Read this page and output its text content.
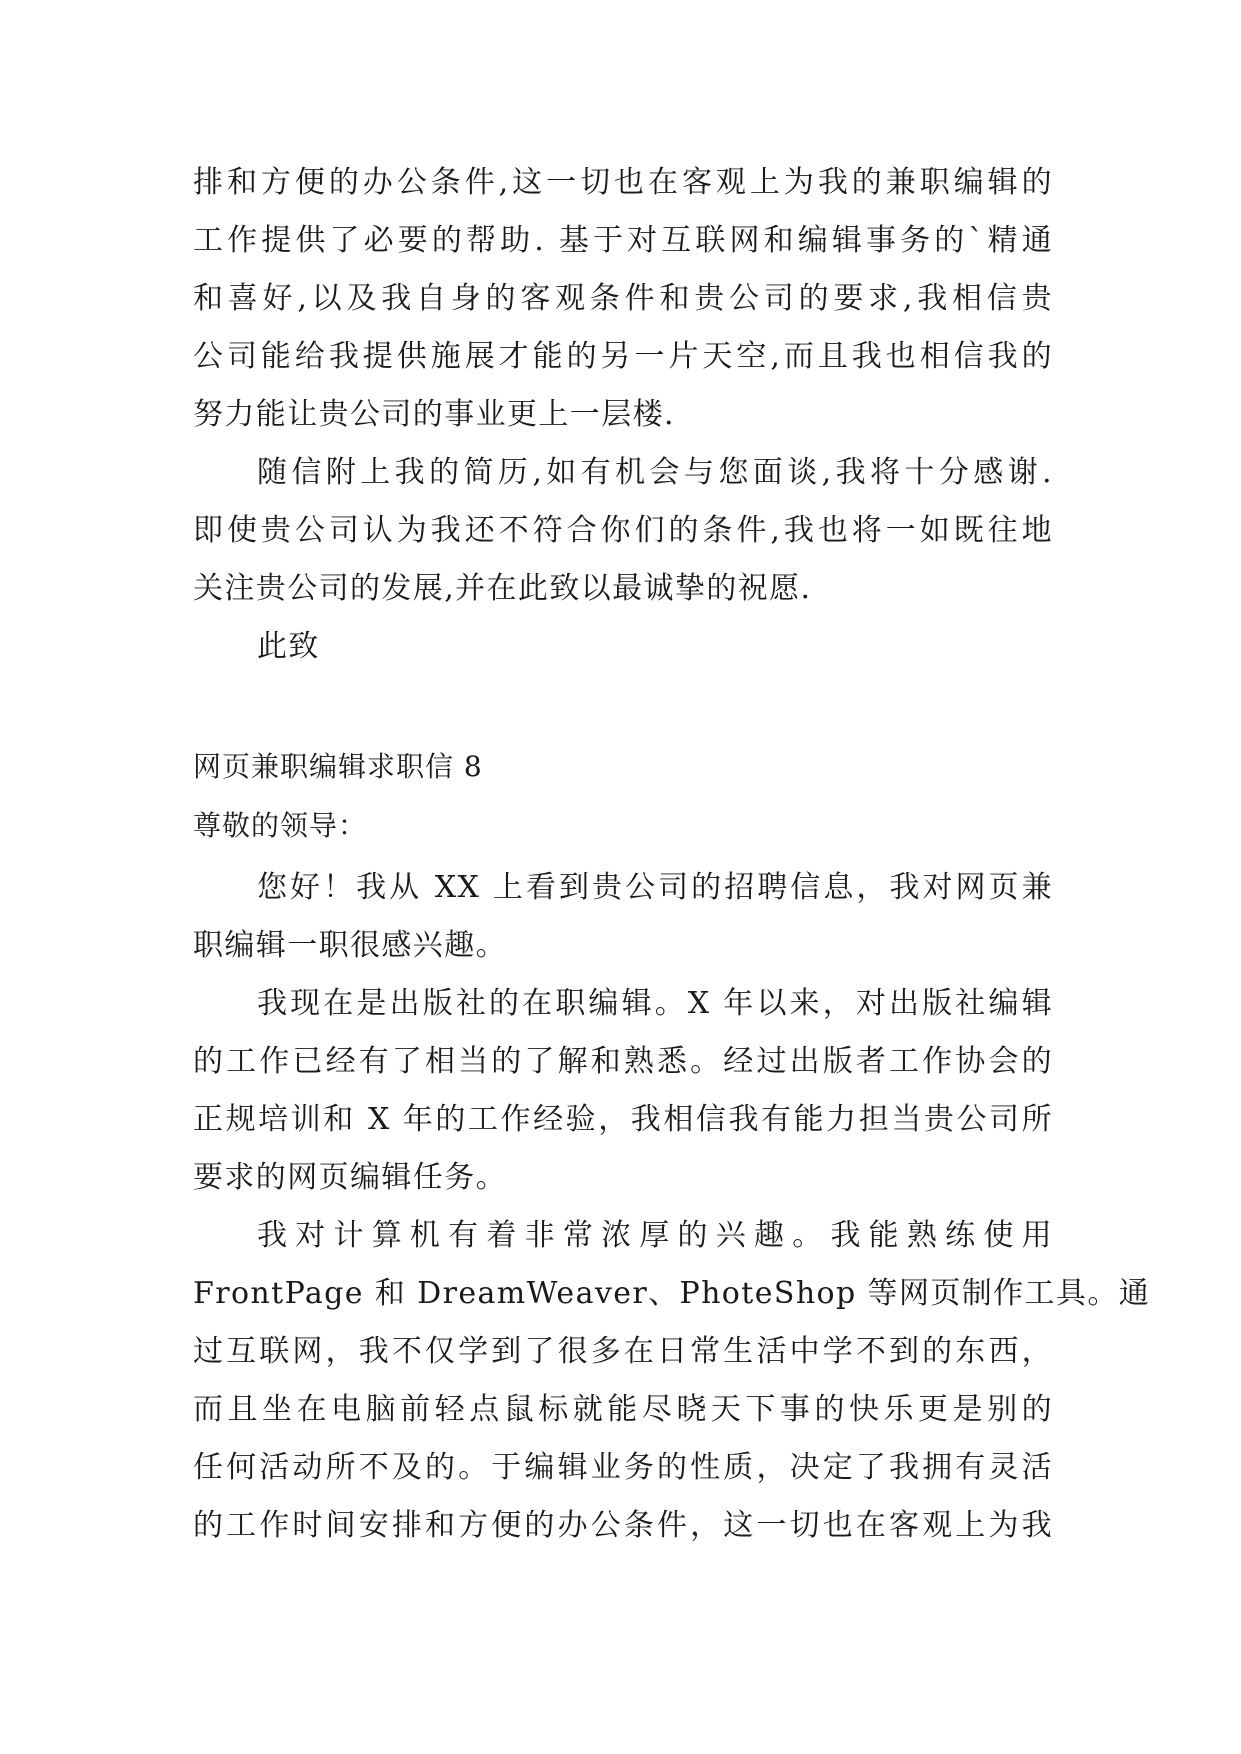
排和方便的办公条件,这一切也在客观上为我的兼职编辑的
工作提供了必要的帮助. 基于对互联网和编辑事务的`精通
和喜好,以及我自身的客观条件和贵公司的要求,我相信贵
公司能给我提供施展才能的另一片天空,而且我也相信我的
努力能让贵公司的事业更上一层楼.
随信附上我的简历,如有机会与您面谈,我将十分感谢.
即使贵公司认为我还不符合你们的条件,我也将一如既往地
关注贵公司的发展,并在此致以最诚挚的祝愿.
此致
网页兼职编辑求职信 8
尊敬的领导：
您好！我从 XX 上看到贵公司的招聘信息，我对网页兼
职编辑一职很感兴趣。
我现在是出版社的在职编辑。X 年以来，对出版社编辑
的工作已经有了相当的了解和熟悉。经过出版者工作协会的
正规培训和 X 年的工作经验，我相信我有能力担当贵公司所
要求的网页编辑任务。
我对计算机有着非常浓厚的兴趣。我能熟练使用
FrontPage 和 DreamWeaver、PhoteShop 等网页制作工具。通
过互联网，我不仅学到了很多在日常生活中学不到的东西，
而且坐在电脑前轻点鼠标就能尽晓天下事的快乐更是别的
任何活动所不及的。于编辑业务的性质，决定了我拥有灵活
的工作时间安排和方便的办公条件，这一切也在客观上为我
